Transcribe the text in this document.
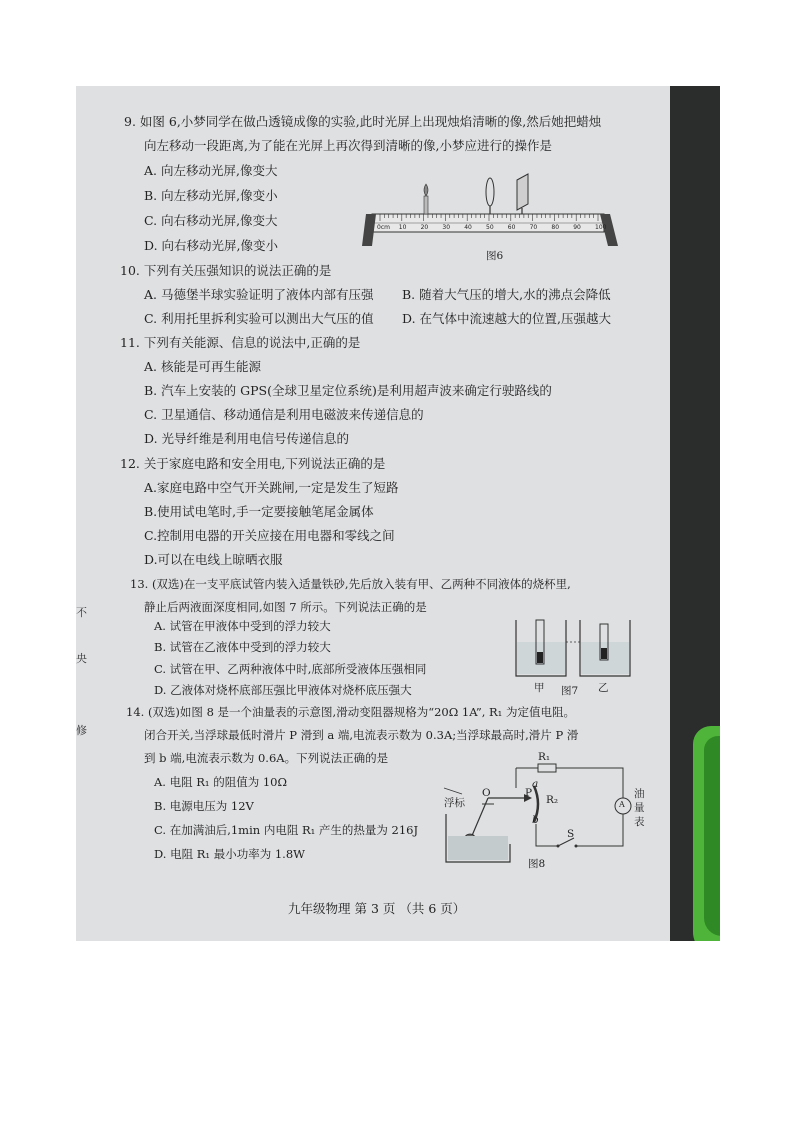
9. 如图 6,小梦同学在做凸透镜成像的实验,此时光屏上出现烛焰清晰的像,然后她把蜡烛
向左移动一段距离,为了能在光屏上再次得到清晰的像,小梦应进行的操作是
A. 向左移动光屏,像变大
B. 向左移动光屏,像变小
C. 向右移动光屏,像变大
D. 向右移动光屏,像变小
0cm 10 20 30 40 50 60 70 80 90 100
图6
10. 下列有关压强知识的说法正确的是
A. 马德堡半球实验证明了液体内部有压强 B. 随着大气压的增大,水的沸点会降低
C. 利用托里拆利实验可以测出大气压的值 D. 在气体中流速越大的位置,压强越大
11. 下列有关能源、信息的说法中,正确的是
A. 核能是可再生能源
B. 汽车上安装的 GPS(全球卫星定位系统)是利用超声波来确定行驶路线的
C. 卫星通信、移动通信是利用电磁波来传递信息的
D. 光导纤维是利用电信号传递信息的
12. 关于家庭电路和安全用电,下列说法正确的是
A.家庭电路中空气开关跳闸,一定是发生了短路
B.使用试电笔时,手一定要接触笔尾金属体
C.控制用电器的开关应接在用电器和零线之间
D.可以在电线上晾晒衣服
13. (双选)在一支平底试管内装入适量铁砂,先后放入装有甲、乙两种不同液体的烧杯里,
静止后两液面深度相同,如图 7 所示。下列说法正确的是
A. 试管在甲液体中受到的浮力较大
B. 试管在乙液体中受到的浮力较大
C. 试管在甲、乙两种液体中时,底部所受液体压强相同
D. 乙液体对烧杯底部压强比甲液体对烧杯底压强大	甲	乙
图7
14. (双选)如图 8 是一个油量表的示意图,滑动变阻器规格为“20Ω 1A”, R₁ 为定值电阻。
闭合开关,当浮球最低时滑片 P 滑到 a 端,电流表示数为 0.3A;当浮球最高时,滑片 P 滑
到 b 端,电流表示数为 0.6A。下列说法正确的是
A. 电阻 R₁ 的阻值为 10Ω
B. 电源电压为 12V
C. 在加满油后,1min 内电阻 R₁ 产生的热量为 216J
D. 电阻 R₁ 最小功率为 1.8W
R₁
R₂
O	P
a
b
S
浮标	A
油
量
表
图8
九年级物理 第 3 页 （共 6 页）
不
央
修
